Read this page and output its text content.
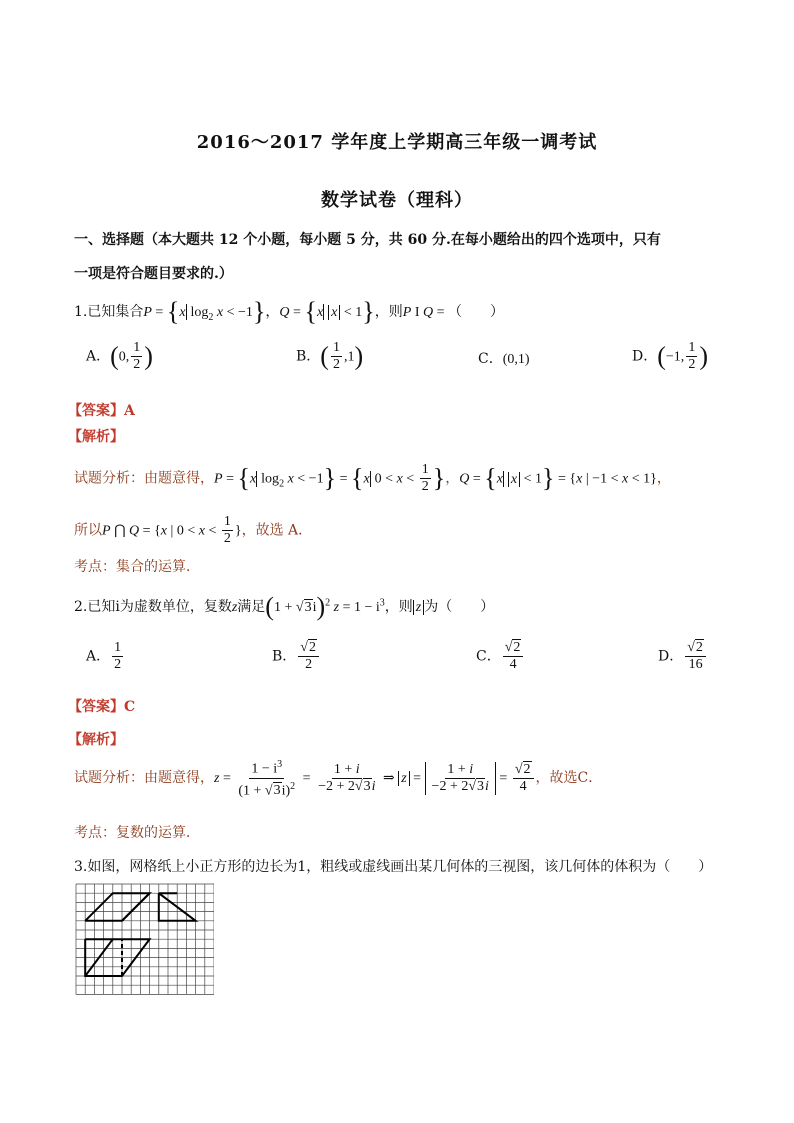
2016～2017 学年度上学期高三年级一调考试
数学试卷（理科）
一、选择题（本大题共 12 个小题，每小题 5 分，共 60 分.在每小题给出的四个选项中，只有
一项是符合题目要求的.）
1.已知集合P = {x $\log_2 x < -1$}，Q = {x x < 1}，则P I Q = （　　）
A．(0, $\frac{1}{2}$ )	B．( $\frac{1}{2} ,1$)	C．(0,1)	D．(−1, $\frac{1}{2}$ )
【答案】A
【解析】
试题分析：由题意得，P = {x $\log_2 x < -1\} = \{x$ $0 < x < \frac{1}{2}$ }，Q = {x x < 1} = {x | −1 < x < 1}，
所以P ⋂ Q = {x | $0 < x < \frac{1}{2}$ }，故选 A．
考点：集合的运算．
2.已知i为虚数单位，复数z满足$(1 + √3i)^2$ $z = 1 - i^3$，则 z 为（　　）
A． $\frac{1}{2}$	B． $\frac{√2}{2}$	C． $\frac{√2}{4}$	D． $\frac{√2}{16}$
【答案】C
【解析】
试题分析：由题意得，$z = \frac{1 - i^3}{(1 + √3i)^2} = \frac{1 + i}{-2 + 2√3i}$ ⇒ $z = \frac{1 + i}{-2 + 2√3i} = \frac{√2}{4}$ ，故选C．
考点：复数的运算．
3.如图，网格纸上小正方形的边长为1，粗线或虚线画出某几何体的三视图，该几何体的体积为（　　）
